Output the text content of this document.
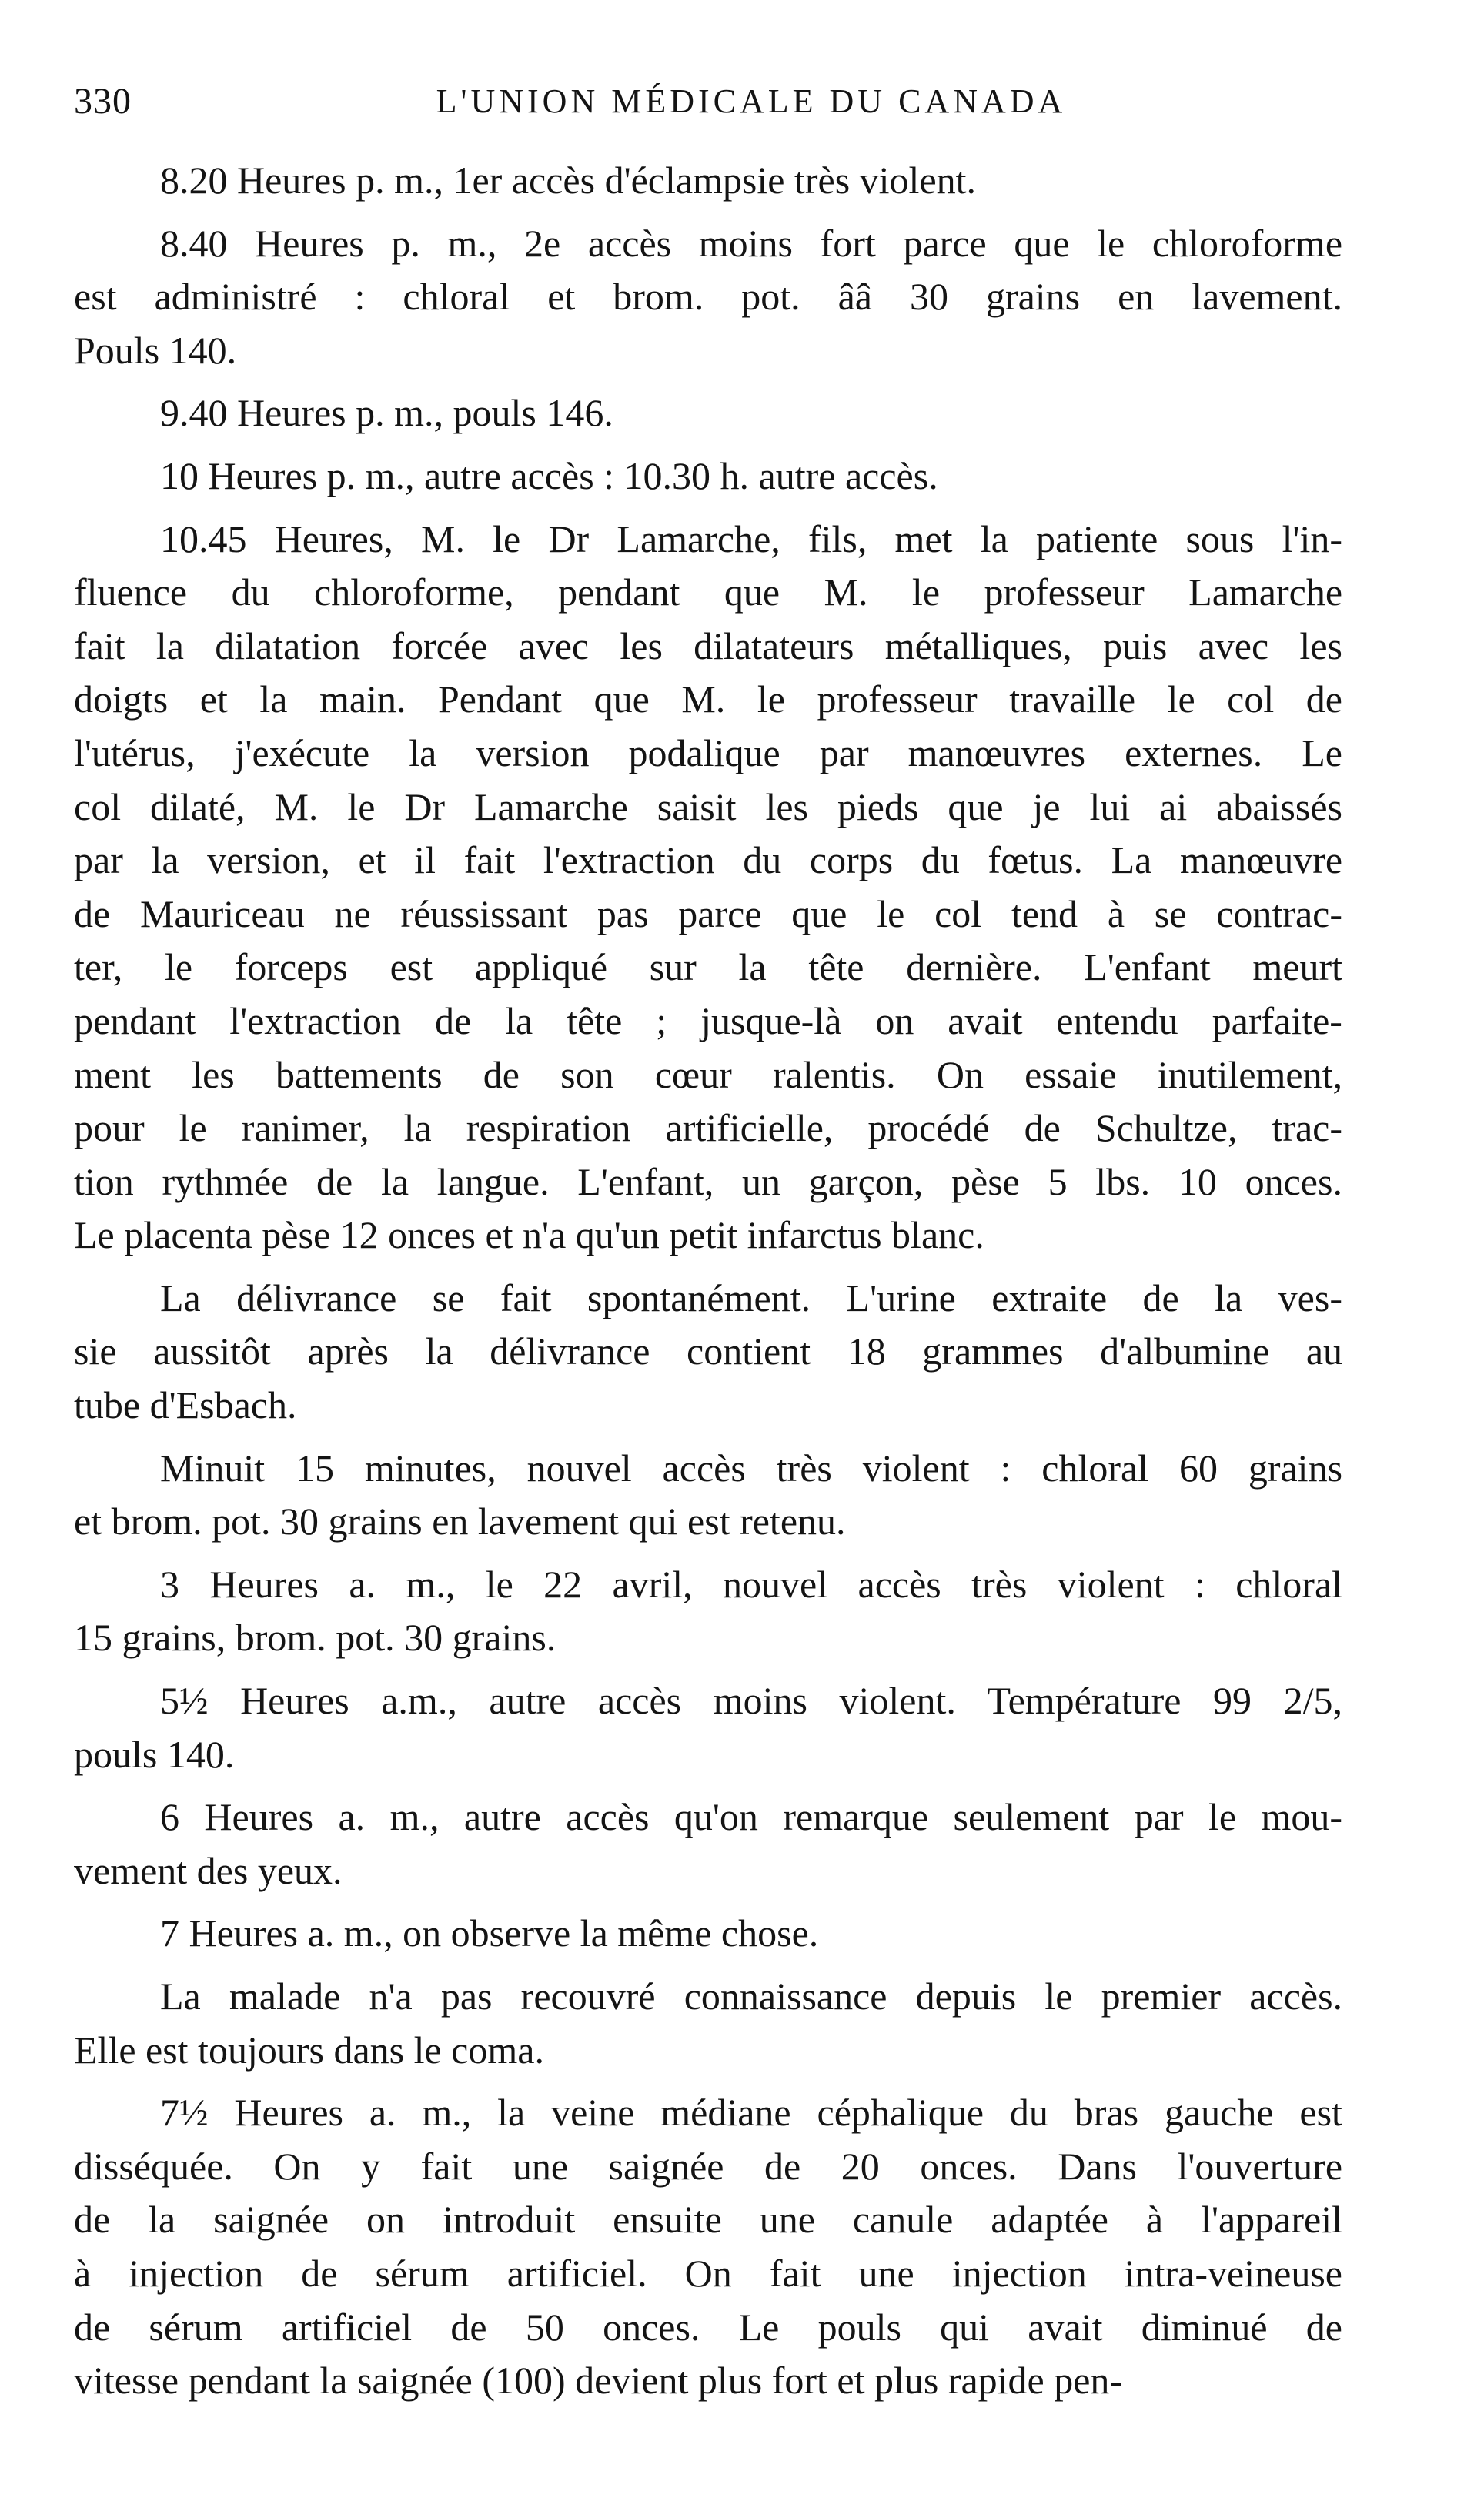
330	L'UNION MÉDICALE DU CANADA
8.20 Heures p. m., 1er accès d'éclampsie très violent.
8.40 Heures p. m., 2e accès moins fort parce que le chloroforme
est administré : chloral et brom. pot. ââ 30 grains en lavement.
Pouls 140.
9.40 Heures p. m., pouls 146.
10 Heures p. m., autre accès : 10.30 h. autre accès.
10.45 Heures, M. le Dr Lamarche, fils, met la patiente sous l'in-
fluence du chloroforme, pendant que M. le professeur Lamarche
fait la dilatation forcée avec les dilatateurs métalliques, puis avec les
doigts et la main. Pendant que M. le professeur travaille le col de
l'utérus, j'exécute la version podalique par manœuvres externes. Le
col dilaté, M. le Dr Lamarche saisit les pieds que je lui ai abaissés
par la version, et il fait l'extraction du corps du fœtus. La manœuvre
de Mauriceau ne réussissant pas parce que le col tend à se contrac-
ter, le forceps est appliqué sur la tête dernière. L'enfant meurt
pendant l'extraction de la tête ; jusque-là on avait entendu parfaite-
ment les battements de son cœur ralentis. On essaie inutilement,
pour le ranimer, la respiration artificielle, procédé de Schultze, trac-
tion rythmée de la langue. L'enfant, un garçon, pèse 5 lbs. 10 onces.
Le placenta pèse 12 onces et n'a qu'un petit infarctus blanc.
La délivrance se fait spontanément. L'urine extraite de la ves-
sie aussitôt après la délivrance contient 18 grammes d'albumine au
tube d'Esbach.
Minuit 15 minutes, nouvel accès très violent : chloral 60 grains
et brom. pot. 30 grains en lavement qui est retenu.
3 Heures a. m., le 22 avril, nouvel accès très violent : chloral
15 grains, brom. pot. 30 grains.
5½ Heures a.m., autre accès moins violent. Température 99 2/5,
pouls 140.
6 Heures a. m., autre accès qu'on remarque seulement par le mou-
vement des yeux.
7 Heures a. m., on observe la même chose.
La malade n'a pas recouvré connaissance depuis le premier accès.
Elle est toujours dans le coma.
7½ Heures a. m., la veine médiane céphalique du bras gauche est
disséquée. On y fait une saignée de 20 onces. Dans l'ouverture
de la saignée on introduit ensuite une canule adaptée à l'appareil
à injection de sérum artificiel. On fait une injection intra-veineuse
de sérum artificiel de 50 onces. Le pouls qui avait diminué de
vitesse pendant la saignée (100) devient plus fort et plus rapide pen-
